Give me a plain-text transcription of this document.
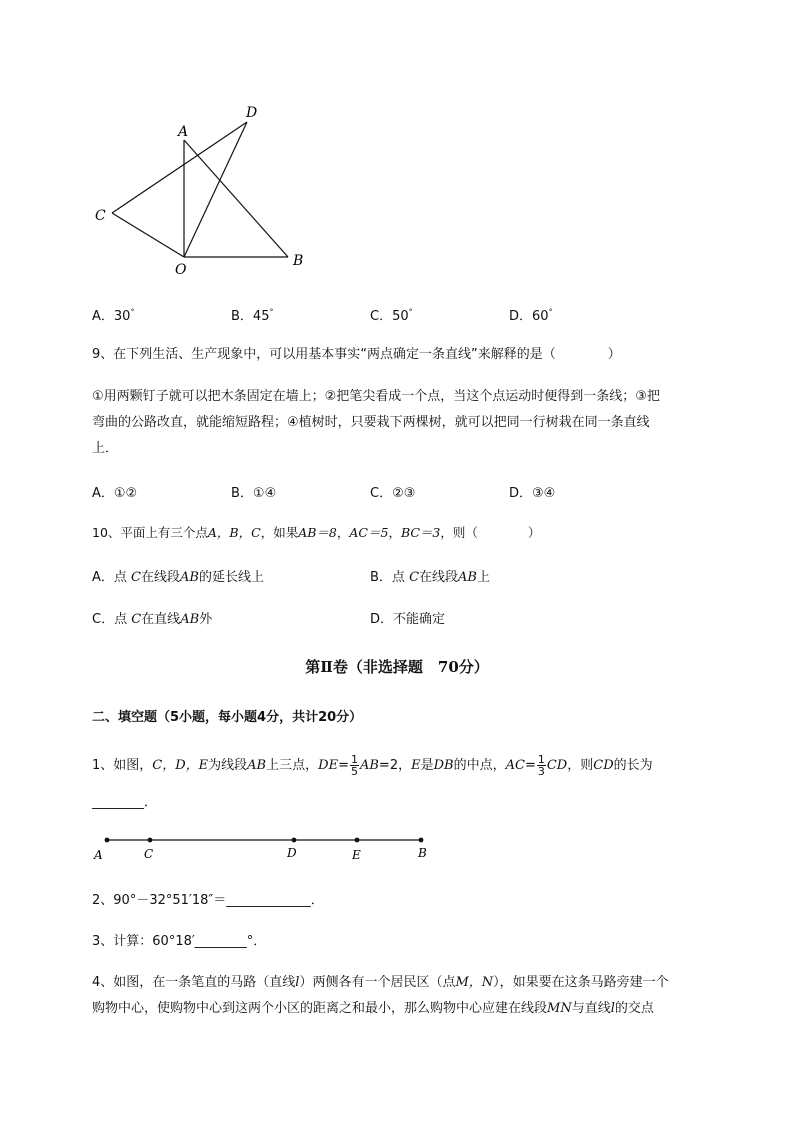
A
D
C
O
B
A．30°	B．45°	C．50°	D．60°
9、在下列生活、生产现象中，可以用基本事实“两点确定一条直线”来解释的是（　　　　）
①用两颗钉子就可以把木条固定在墙上；②把笔尖看成一个点，当这个点运动时便得到一条线；③把
弯曲的公路改直，就能缩短路程；④植树时，只要栽下两棵树，就可以把同一行树栽在同一条直线
上．
A．①②	B．①④	C．②③	D．③④
10、平面上有三个点A，B，C，如果AB＝8，AC＝5，BC＝3，则（　　　　）
A．点 C在线段AB的延长线上	B．点 C在线段AB上
C．点 C在直线AB外	D．不能确定
第Ⅱ卷（非选择题　70分）
二、填空题（5小题，每小题4分，共计20分）
1、如图，C，D，E为线段AB上三点，$DE= \frac{1}{5} AB=2$，E是DB的中点，$AC= \frac{1}{3}$ CD，则CD的长为
________．
A	C	D	E	B
2、90°－32°51′18″＝_____________．
3、计算：60°18′________°．
4、如图，在一条笔直的马路（直线l）两侧各有一个居民区（点M，N），如果要在这条马路旁建一个
购物中心，使购物中心到这两个小区的距离之和最小，那么购物中心应建在线段MN与直线l的交点
